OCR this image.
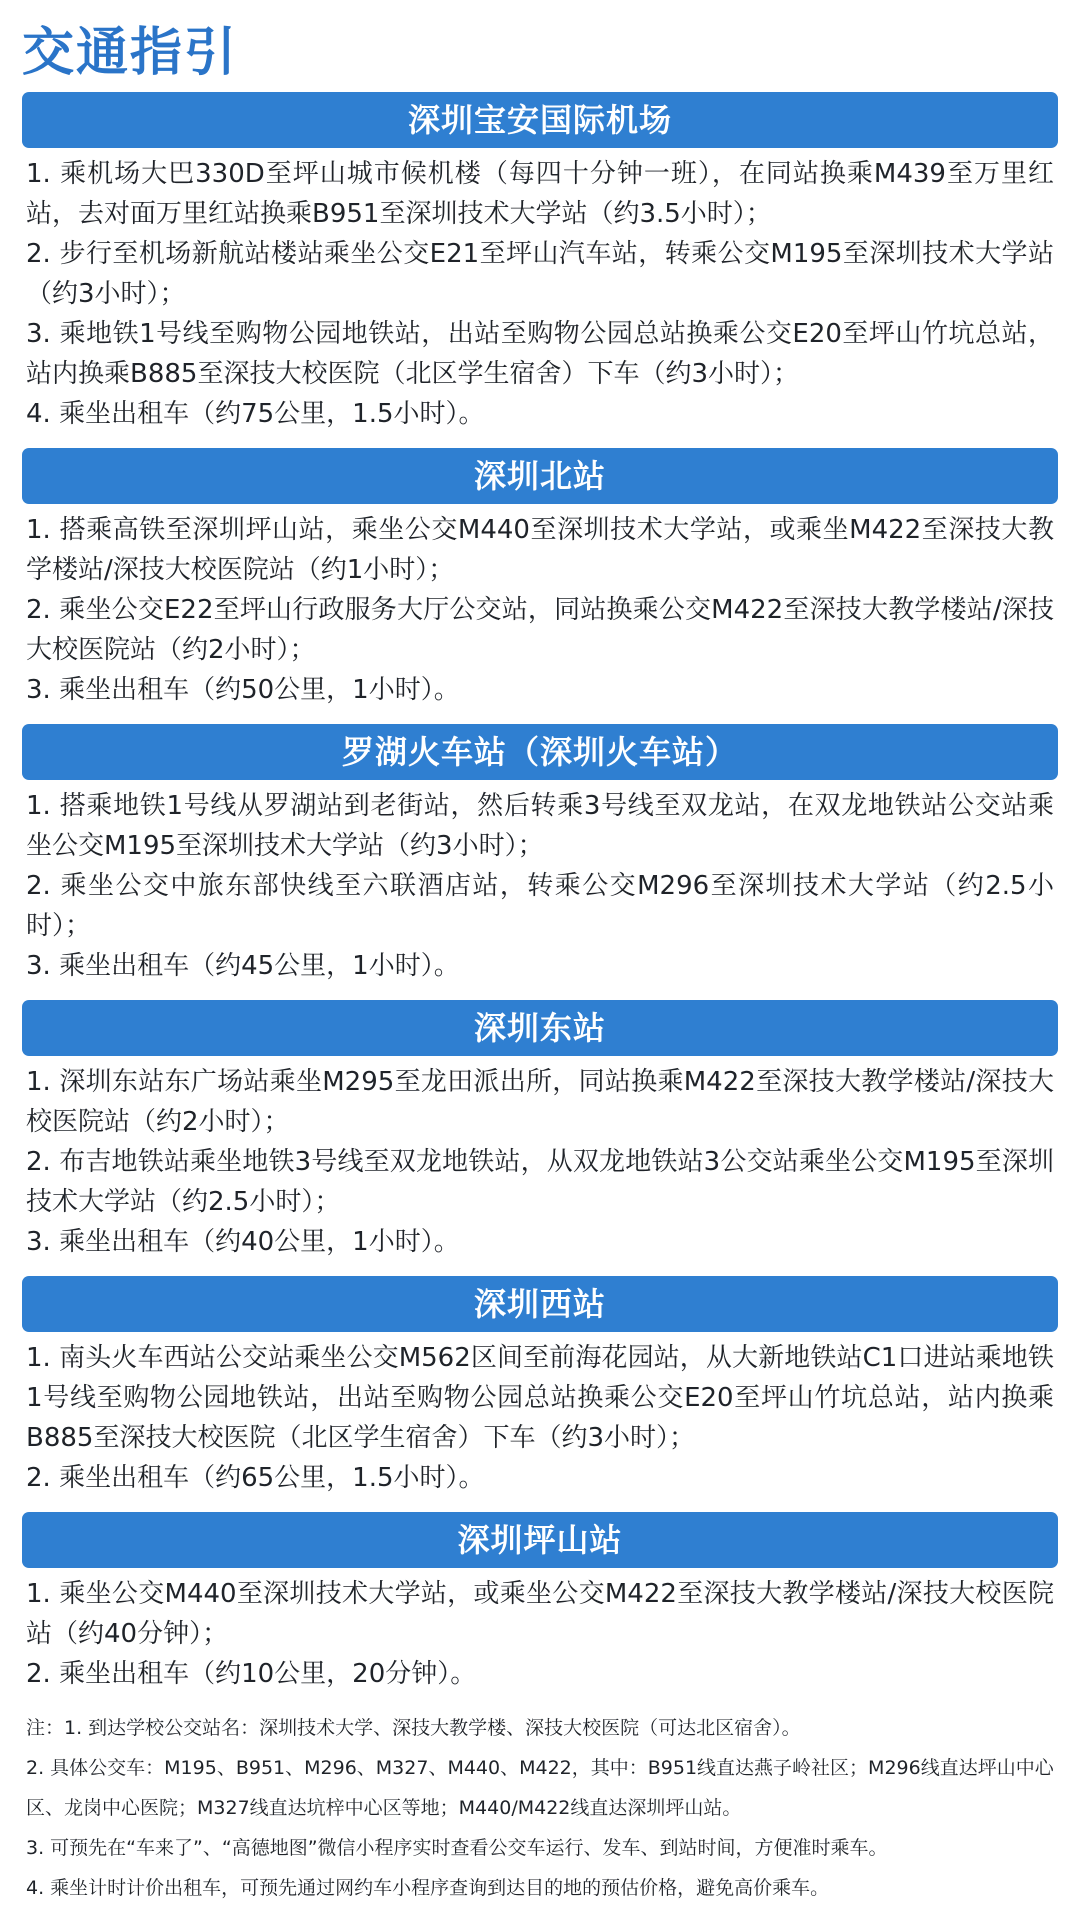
交通指引
深圳宝安国际机场
1. 乘机场大巴330D至坪山城市候机楼（每四十分钟一班），在同站换乘M439至万里红站，去对面万里红站换乘B951至深圳技术大学站（约3.5小时）；
2. 步行至机场新航站楼站乘坐公交E21至坪山汽车站，转乘公交M195至深圳技术大学站（约3小时）；
3. 乘地铁1号线至购物公园地铁站，出站至购物公园总站换乘公交E20至坪山竹坑总站，站内换乘B885至深技大校医院（北区学生宿舍）下车（约3小时）；
4. 乘坐出租车（约75公里，1.5小时）。
深圳北站
1. 搭乘高铁至深圳坪山站，乘坐公交M440至深圳技术大学站，或乘坐M422至深技大教学楼站/深技大校医院站（约1小时）；
2. 乘坐公交E22至坪山行政服务大厅公交站，同站换乘公交M422至深技大教学楼站/深技大校医院站（约2小时）；
3. 乘坐出租车（约50公里，1小时）。
罗湖火车站（深圳火车站）
1. 搭乘地铁1号线从罗湖站到老街站，然后转乘3号线至双龙站，在双龙地铁站公交站乘坐公交M195至深圳技术大学站（约3小时）；
2. 乘坐公交中旅东部快线至六联酒店站，转乘公交M296至深圳技术大学站（约2.5小时）；
3. 乘坐出租车（约45公里，1小时）。
深圳东站
1. 深圳东站东广场站乘坐M295至龙田派出所，同站换乘M422至深技大教学楼站/深技大校医院站（约2小时）；
2. 布吉地铁站乘坐地铁3号线至双龙地铁站，从双龙地铁站3公交站乘坐公交M195至深圳技术大学站（约2.5小时）；
3. 乘坐出租车（约40公里，1小时）。
深圳西站
1. 南头火车西站公交站乘坐公交M562区间至前海花园站，从大新地铁站C1口进站乘地铁1号线至购物公园地铁站，出站至购物公园总站换乘公交E20至坪山竹坑总站，站内换乘B885至深技大校医院（北区学生宿舍）下车（约3小时）；
2. 乘坐出租车（约65公里，1.5小时）。
深圳坪山站
1. 乘坐公交M440至深圳技术大学站，或乘坐公交M422至深技大教学楼站/深技大校医院站（约40分钟）；
2. 乘坐出租车（约10公里，20分钟）。

注：1. 到达学校公交站名：深圳技术大学、深技大教学楼、深技大校医院（可达北区宿舍）。

2. 具体公交车：M195、B951、M296、M327、M440、M422，其中：B951线直达燕子岭社区；M296线直达坪山中心区、龙岗中心医院；M327线直达坑梓中心区等地；M440/M422线直达深圳坪山站。

3. 可预先在“车来了”、“高德地图”微信小程序实时查看公交车运行、发车、到站时间，方便准时乘车。

4. 乘坐计时计价出租车，可预先通过网约车小程序查询到达目的地的预估价格，避免高价乘车。
